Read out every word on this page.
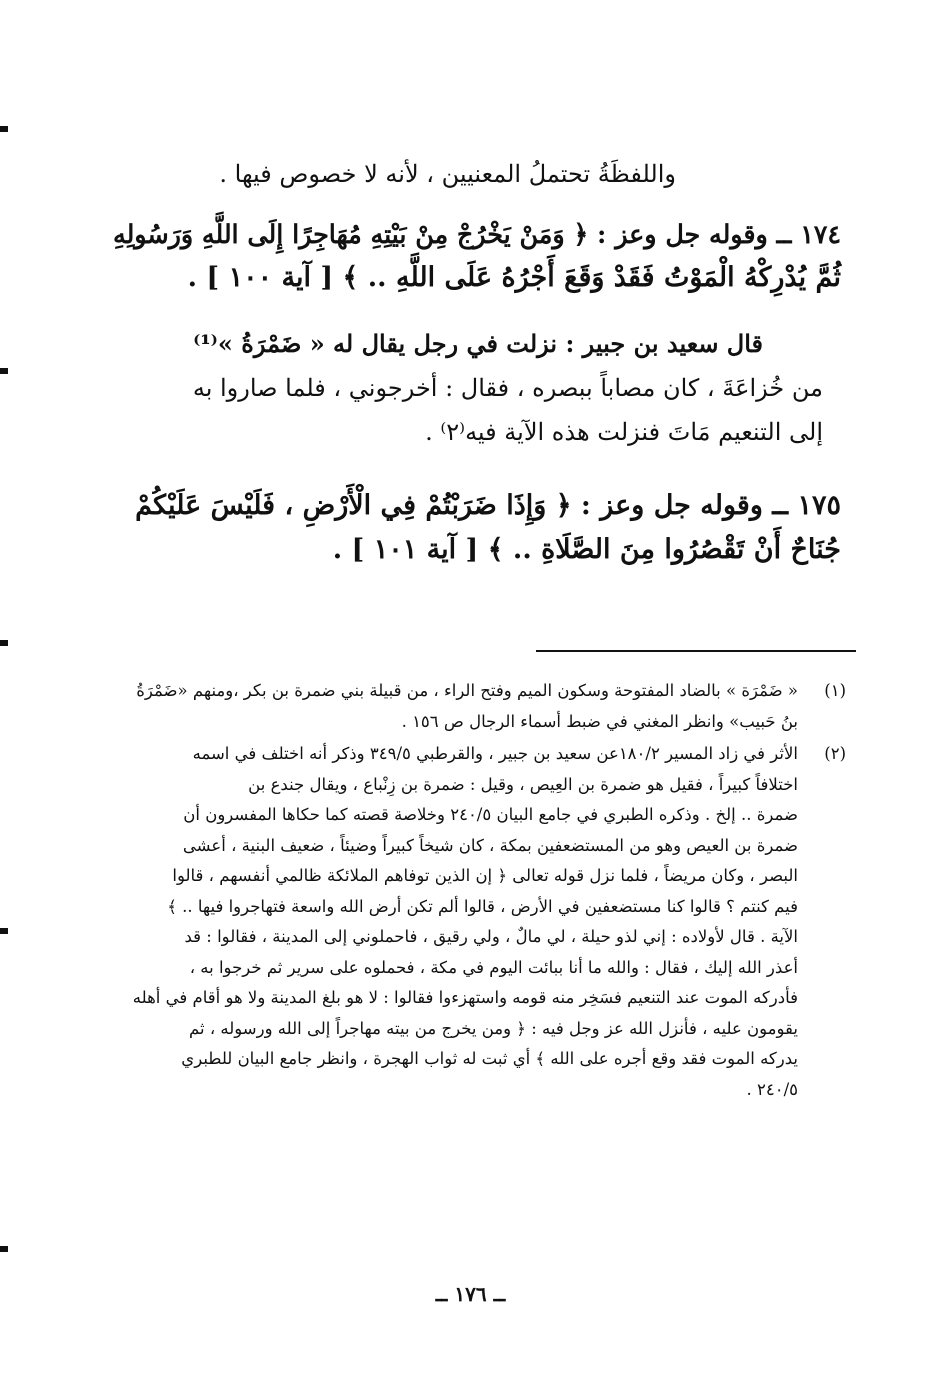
واللفظَةُ تحتملُ المعنيين ، لأنه لا خصوص فيها .
١٧٤ ــ وقوله جل وعز : ﴿ وَمَنْ يَخْرُجْ مِنْ بَيْتِهِ مُهَاجِرًا إِلَى اللَّهِ وَرَسُولِهِ
ثُمَّ يُدْرِكْهُ الْمَوْتُ فَقَدْ وَقَعَ أَجْرُهُ عَلَى اللَّهِ .. ﴾ [ آية ١٠٠ ] .
قال سعيد بن جبير : نزلت في رجل يقال له « ضَمْرَةُ »⁽¹⁾
من خُزاعَةَ ، كان مصاباً ببصره ، فقال : أخرجوني ، فلما صاروا به
إلى التنعيم مَاتَ فنزلت هذه الآية فيه⁽٢⁾ .
١٧٥ ــ وقوله جل وعز : ﴿ وَإِذَا ضَرَبْتُمْ فِي الْأَرْضِ ، فَلَيْسَ عَلَيْكُمْ
جُنَاحٌ أَنْ تَقْصُرُوا مِنَ الصَّلَاةِ .. ﴾ [ آية ١٠١ ] .
(١)
« ضَمْرَة » بالضاد المفتوحة وسكون الميم وفتح الراء ، من قبيلة بني ضمرة بن بكر ،ومنهم «ضَمْرَةُ
بنُ حَبيب» وانظر المغني في ضبط أسماء الرجال ص ١٥٦ .
(٢)
الأثر في زاد المسير ١٨٠/٢عن سعيد بن جبير ، والقرطبي ٣٤٩/٥ وذكر أنه اختلف في اسمه
اختلافاً كبيراً ، فقيل هو ضمرة بن العِيص ، وقيل : ضمرة بن زِنْباع ، ويقال جندع بن
ضمرة .. إلخ . وذكره الطبري في جامع البيان ٢٤٠/٥ وخلاصة قصته كما حكاها المفسرون أن
ضمرة بن العيص وهو من المستضعفين بمكة ، كان شيخاً كبيراً وضيئاً ، ضعيف البنية ، أعشى
البصر ، وكان مريضاً ، فلما نزل قوله تعالى ﴿ إن الذين توفاهم الملائكة ظالمي أنفسهم ، قالوا
فيم كنتم ؟ قالوا كنا مستضعفين في الأرض ، قالوا ألم تكن أرض الله واسعة فتهاجروا فيها .. ﴾
الآية . قال لأولاده : إني لذو حيلة ، لي مالٌ ، ولي رقيق ، فاحملوني إلى المدينة ، فقالوا : قد
أعذر الله إليك ، فقال : والله ما أنا ببائت اليوم في مكة ، فحملوه على سرير ثم خرجوا به ،
فأدركه الموت عند التنعيم فسَخِر منه قومه واستهزءوا فقالوا : لا هو بلغ المدينة ولا هو أقام في أهله
يقومون عليه ، فأنزل الله عز وجل فيه : ﴿ ومن يخرج من بيته مهاجراً إلى الله ورسوله ، ثم
يدركه الموت فقد وقع أجره على الله ﴾ أي ثبت له ثواب الهجرة ، وانظر جامع البيان للطبري
٢٤٠/٥ .
ــ ١٧٦ ــ
